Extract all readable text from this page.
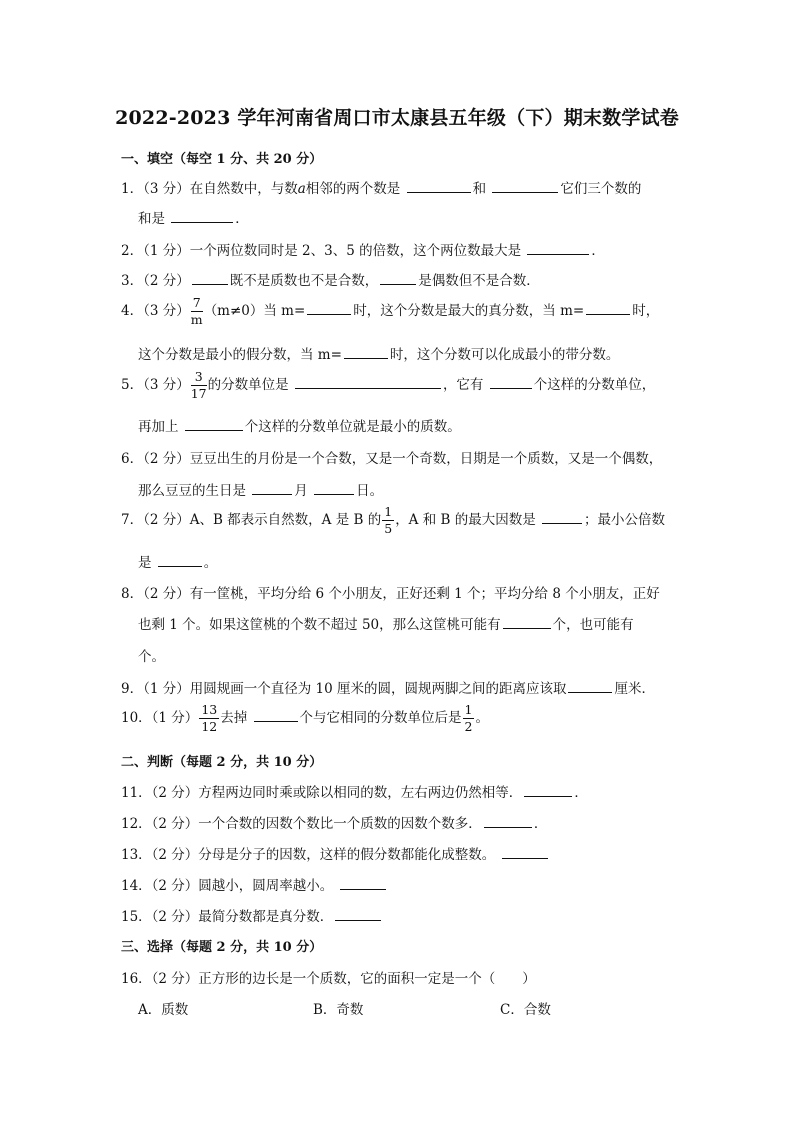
2022-2023 学年河南省周口市太康县五年级（下）期末数学试卷
一、填空（每空 1 分、共 20 分）
1．（3 分）在自然数中，与数a相邻的两个数是	和	它们三个数的
和是	．
2．（1 分）一个两位数同时是 2、3、5 的倍数，这个两位数最大是	．
3．（2 分）	既不是质数也不是合数，	是偶数但不是合数．
4．（3 分） $\frac{7}{m} (m\ne 0)$当 m=	时，这个分数是最大的真分数，当 m=	时，
这个分数是最小的假分数，当 m=	时，这个分数可以化成最小的带分数。
5．（3 分） $\frac{3}{17}$ 的分数单位是	，它有	个这样的分数单位，
再加上	个这样的分数单位就是最小的质数。
6．（2 分）豆豆出生的月份是一个合数，又是一个奇数，日期是一个质数，又是一个偶数，
那么豆豆的生日是	月	日。
7．（2 分）A、B 都表示自然数，A 是 B 的 $\frac{1}{5}$ ，A 和 B 的最大因数是	；最小公倍数
是	。
8．（2 分）有一筐桃，平均分给 6 个小朋友，正好还剩 1 个；平均分给 8 个小朋友，正好
也剩 1 个。如果这筐桃的个数不超过 50，那么这筐桃可能有	个，也可能有
个。
9．（1 分）用圆规画一个直径为 10 厘米的圆，圆规两脚之间的距离应该取	厘米．
10．（1 分） $\frac{13}{12}$ 去掉	个与它相同的分数单位后是 $\frac{1}{2}$ 。
二、判断（每题 2 分，共 10 分）
11．（2 分）方程两边同时乘或除以相同的数，左右两边仍然相等．	．
12．（2 分）一个合数的因数个数比一个质数的因数个数多．	．
13．（2 分）分母是分子的因数，这样的假分数都能化成整数。
14．（2 分）圆越小，圆周率越小。
15．（2 分）最简分数都是真分数．
三、选择（每题 2 分，共 10 分）
16．（2 分）正方形的边长是一个质数，它的面积一定是一个（　　）
A．质数	B．奇数	C．合数
